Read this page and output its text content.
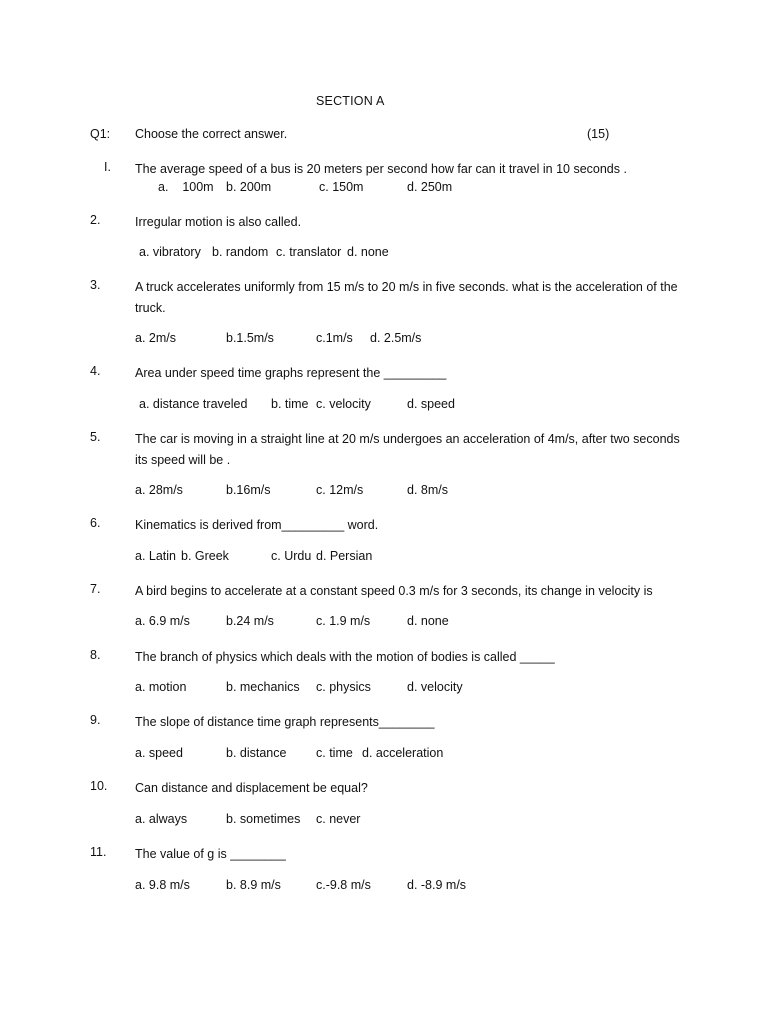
SECTION A
Q1: Choose the correct answer.	(15)
I.	The average speed of a bus is 20 meters per second how far can it travel in 10 seconds .
a.    100m b. 200m	c. 150m	d. 250m
2.	Irregular motion is also called.
a. vibratory b. random c. translator d. none
3.	A truck accelerates uniformly from 15 m/s to 20 m/s in five seconds. what is the acceleration of the truck.
a. 2m/s	b.1.5m/s	c.1m/s d. 2.5m/s
4.	Area under speed time graphs represent the _________
a. distance traveled b. time c. velocity	d. speed
5.	The car is moving in a straight line at 20 m/s undergoes an acceleration of 4m/s, after two seconds its speed will be .
a. 28m/s	b.16m/s	c. 12m/s	d. 8m/s
6.	Kinematics is derived from_________ word.
a. Latin b. Greek	c. Urdu d. Persian
7.	A bird begins to accelerate at a constant speed 0.3 m/s for 3 seconds, its change in velocity is
a. 6.9 m/s	b.24 m/s	c. 1.9 m/s	d. none
8.	The branch of physics which deals with the motion of bodies is called _____
a. motion	b. mechanics c. physics	d. velocity
9.	The slope of distance time graph represents________
a. speed	b. distance c. time d. acceleration
10.	Can distance and displacement be equal?
a. always	b. sometimes c. never
11.	The value of g is ________
a. 9.8 m/s	b. 8.9 m/s	c.-9.8 m/s	d. -8.9 m/s
